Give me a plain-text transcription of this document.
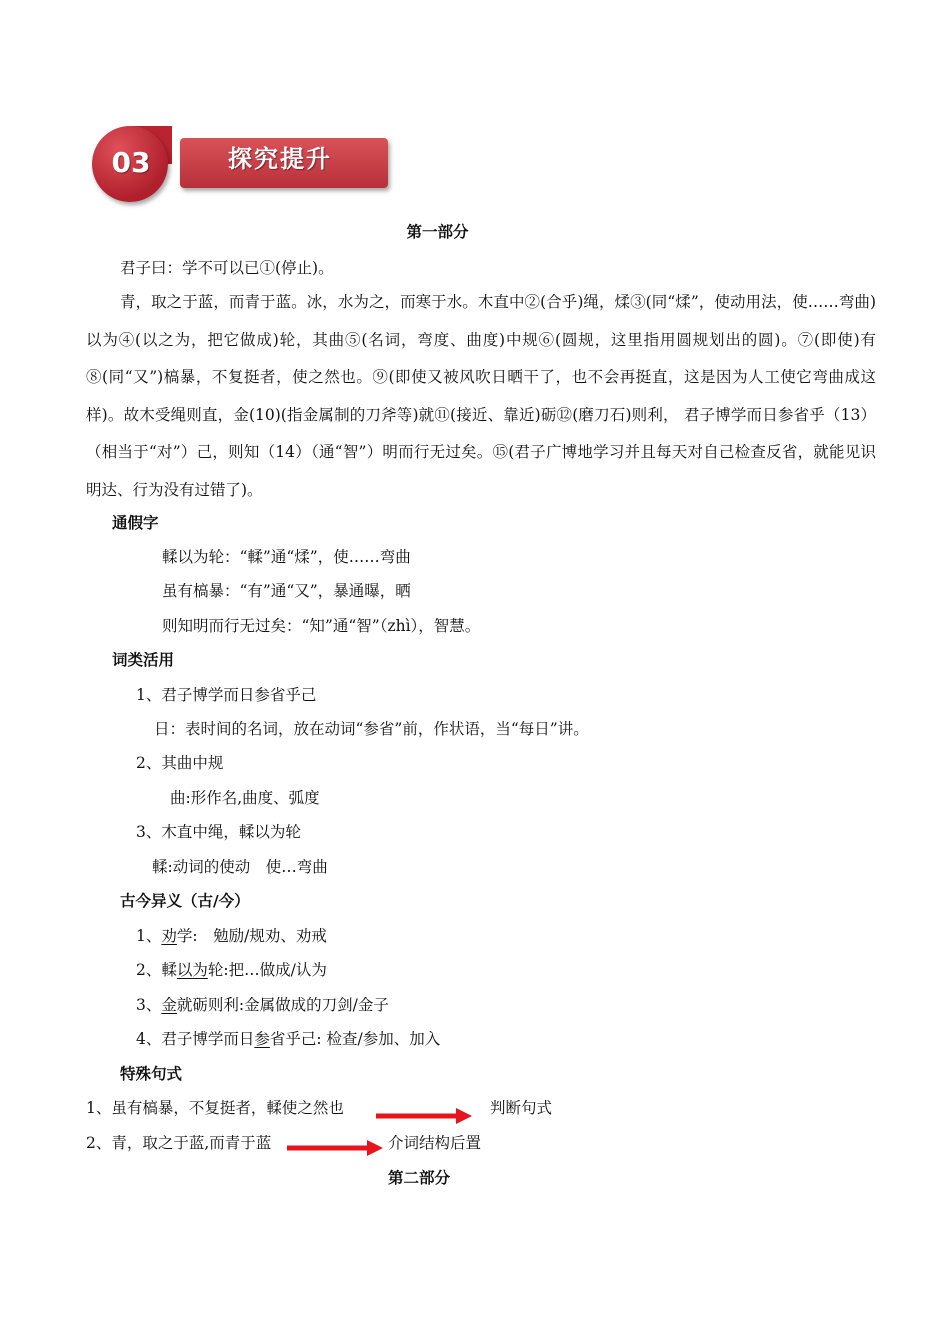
03	探究提升
第一部分
君子曰：学不可以已①(停止)。
青，取之于蓝，而青于蓝。冰，水为之，而寒于水。木直中②(合乎)绳，煣③(同“煣”，使动用法，使……弯曲)以为④(以之为，把它做成)轮，其曲⑤(名词，弯度、曲度)中规⑥(圆规，这里指用圆规划出的圆)。⑦(即使)有⑧(同“又”)槁暴，不复挺者，使之然也。⑨(即使又被风吹日晒干了，也不会再挺直，这是因为人工使它弯曲成这样)。故木受绳则直，金(10)(指金属制的刀斧等)就⑪(接近、靠近)砺⑫(磨刀石)则利， 君子博学而日参省乎（13）（相当于“对”）己，则知（14）（通“智”）明而行无过矣。⑮(君子广博地学习并且每天对自己检查反省，就能见识明达、行为没有过错了)。
通假字
輮以为轮：“輮”通“煣”，使……弯曲
虽有槁暴：“有”通“又”，暴通曝，晒
则知明而行无过矣：“知”通“智”（zhì），智慧。
词类活用
1、君子博学而日参省乎己
日：表时间的名词，放在动词“参省”前，作状语，当“每日”讲。
2、其曲中规
曲:形作名,曲度、弧度
3、木直中绳，輮以为轮
輮:动词的使动　使…弯曲
古今异义（古/今）
1、劝学:　勉励/规劝、劝戒
2、輮以为轮:把…做成/认为
3、金就砺则利:金属做成的刀剑/金子
4、君子博学而日参省乎己: 检查/参加、加入
特殊句式
1、虽有槁暴，不复挺者，輮使之然也	判断句式
2、青，取之于蓝,而青于蓝	介词结构后置
第二部分
